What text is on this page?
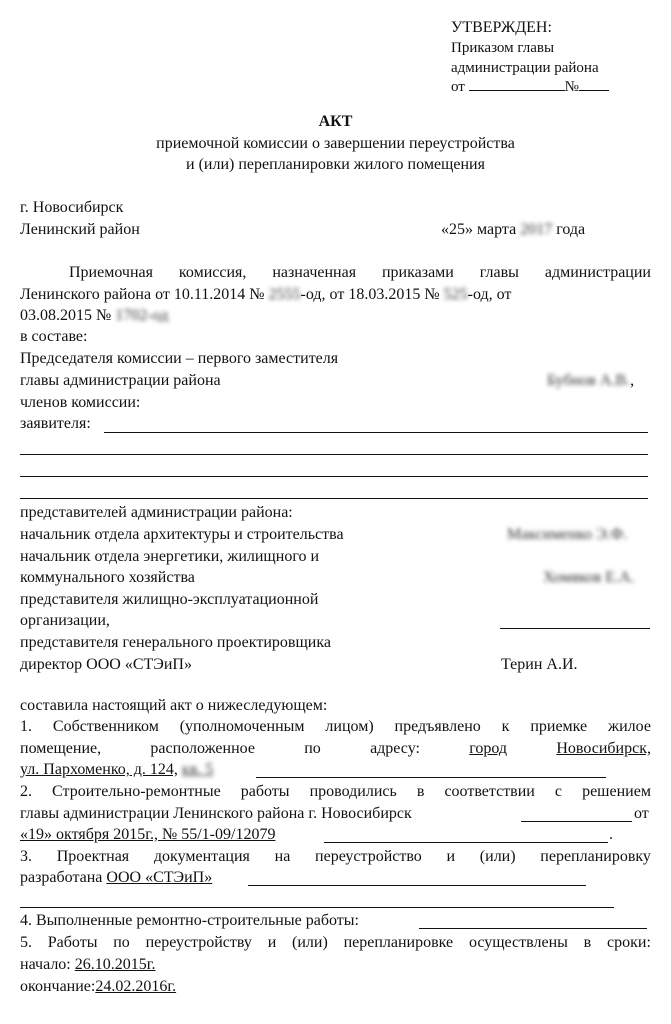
УТВЕРЖДЕН:
Приказом главы
администрации района
от	№
АКТ
приемочной комиссии о завершении переустройства
и (или) перепланировки жилого помещения
г. Новосибирск
Ленинский район	«25» марта 2017 года
Приемочная комиссия, назначенная приказами главы администрации
Ленинского района от 10.11.2014 № 2555-од, от 18.03.2015 № 525-од, от
03.08.2015 № 1702-од
в составе:
Председателя комиссии – первого заместителя
главы администрации района	Бубнов А.В.,
членов комиссии:
заявителя:
представителей администрации района:
начальник отдела архитектуры и строительства	Максименко Э.Ф.
начальник отдела энергетики, жилищного и
коммунального хозяйства	Хомяков Е.А.
представителя жилищно-эксплуатационной
организации,
представителя генерального проектировщика
директор ООО «СТЭиП»	Терин А.И.
составила настоящий акт о нижеследующем:
1. Собственником (уполномоченным лицом) предъявлено к приемке жилое
помещение,	расположенное	по	адресу:	город	Новосибирск,
ул. Пархоменко, д. 124, кв. 5
2. Строительно-ремонтные работы проводились в соответствии с решением
главы администрации Ленинского района г. Новосибирск	от
«19» октября 2015г., № 55/1-09/12079	.
3. Проектная документация на переустройство и (или) перепланировку
разработана ООО «СТЭиП»
4. Выполненные ремонтно-строительные работы:
5. Работы по переустройству и (или) перепланировке осуществлены в сроки:
начало: 26.10.2015г.
окончание:24.02.2016г.
